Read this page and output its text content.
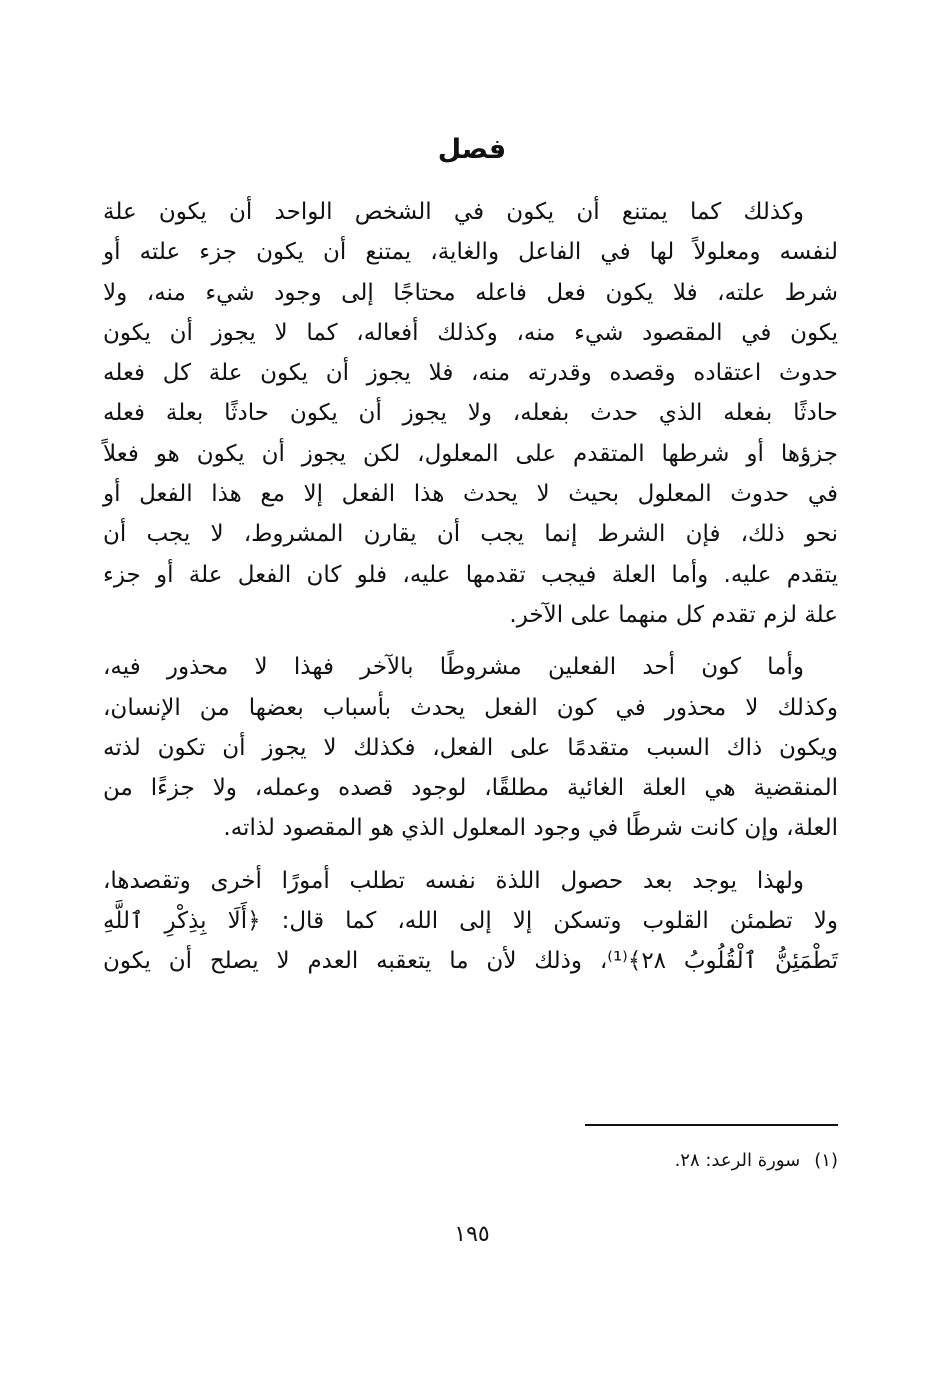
فصل
وكذلك كما يمتنع أن يكون في الشخص الواحد أن يكون علة
لنفسه ومعلولاً لها في الفاعل والغاية، يمتنع أن يكون جزء علته أو
شرط علته، فلا يكون فعل فاعله محتاجًا إلى وجود شيء منه، ولا
يكون في المقصود شيء منه، وكذلك أفعاله، كما لا يجوز أن يكون
حدوث اعتقاده وقصده وقدرته منه، فلا يجوز أن يكون علة كل فعله
حادثًا بفعله الذي حدث بفعله، ولا يجوز أن يكون حادثًا بعلة فعله
جزؤها أو شرطها المتقدم على المعلول، لكن يجوز أن يكون هو فعلاً
في حدوث المعلول بحيث لا يحدث هذا الفعل إلا مع هذا الفعل أو
نحو ذلك، فإن الشرط إنما يجب أن يقارن المشروط، لا يجب أن
يتقدم عليه. وأما العلة فيجب تقدمها عليه، فلو كان الفعل علة أو جزء
علة لزم تقدم كل منهما على الآخر.
وأما كون أحد الفعلين مشروطًا بالآخر فهذا لا محذور فيه،
وكذلك لا محذور في كون الفعل يحدث بأسباب بعضها من الإنسان،
ويكون ذاك السبب متقدمًا على الفعل، فكذلك لا يجوز أن تكون لذته
المنقضية هي العلة الغائية مطلقًا، لوجود قصده وعمله، ولا جزءًا من
العلة، وإن كانت شرطًا في وجود المعلول الذي هو المقصود لذاته.
ولهذا يوجد بعد حصول اللذة نفسه تطلب أمورًا أخرى وتقصدها،
ولا تطمئن القلوب وتسكن إلا إلى الله، كما قال: ﴿أَلَا بِذِكْرِ ٱللَّهِ
تَطْمَئِنُّ ٱلْقُلُوبُ ٢٨﴾⁽¹⁾، وذلك لأن ما يتعقبه العدم لا يصلح أن يكون
(١)سورة الرعد: ٢٨.
١٩٥
